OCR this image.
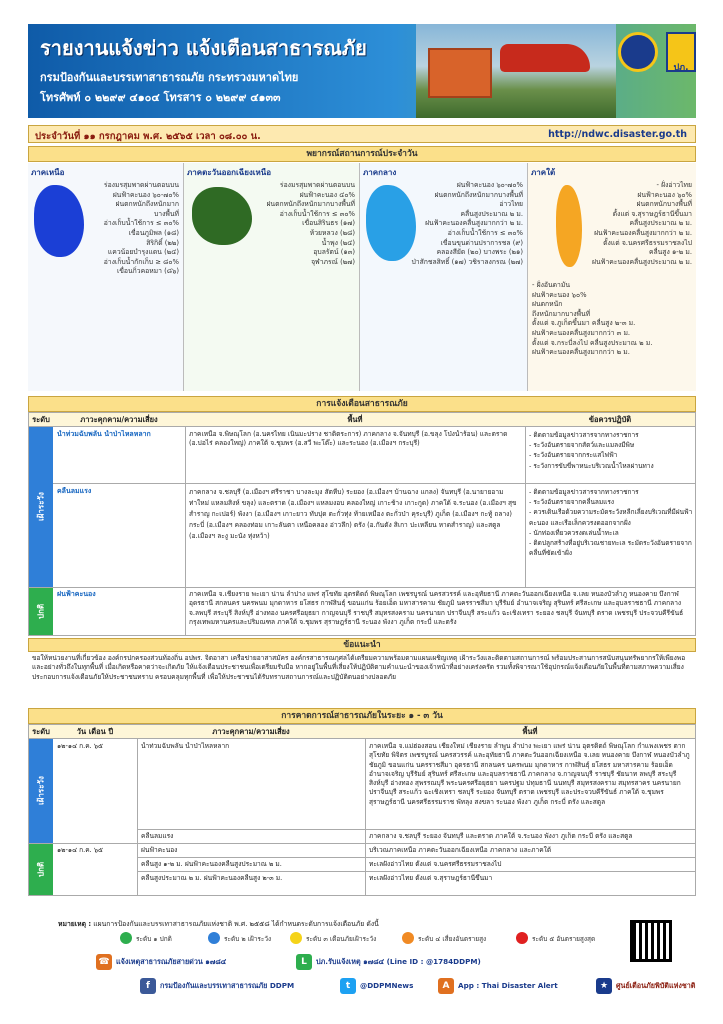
รายงานแจ้งข่าว แจ้งเตือนสาธารณภัย
กรมป้องกันและบรรเทาสาธารณภัย กระทรวงมหาดไทย
โทรศัพท์ ๐ ๒๒๙๙ ๔๑๐๔ โทรสาร ๐ ๒๒๙๙ ๔๑๓๓
ปภ.
ประจำวันที่ ๑๑ กรกฎาคม พ.ศ. ๒๕๖๕ เวลา ๐๘.๐๐ น.	http://ndwc.disaster.go.th
พยากรณ์สถานการณ์ประจำวัน
ภาคเหนือ
ร่องมรสุมพาดผ่านตอนบน
ฝนฟ้าคะนอง ๖๐-๗๐%
ฝนตกหนักถึงหนักมาก
บางพื้นที่
อ่างเก็บน้ำใช้การ ≤ ๓๐%
เขื่อนภูมิพล (๑๘)
สิริกิติ์ (๒๒)
แควน้อยบำรุงแดน (๒๔)
อ่างเก็บน้ำกักเก็บ ≥ ๘๐%
เขื่อนกิ่วคอหมา (๘๖)
ภาคตะวันออกเฉียงเหนือ
ร่องมรสุมพาดผ่านตอนบน
ฝนฟ้าคะนอง ๔๐%
ฝนตกหนักถึงหนักมากบางพื้นที่
อ่างเก็บน้ำใช้การ ≤ ๓๐%
เขื่อนสิรินธร (๑๗)
ห้วยหลวง (๒๘)
น้ำพุง (๒๔)
อุบลรัตน์ (๑๓)
จุฬาภรณ์ (๒๗)
ภาคกลาง
ฝนฟ้าคะนอง ๖๐-๗๐%
ฝนตกหนักถึงหนักมากบางพื้นที่
อ่าวไทย
คลื่นสูงประมาณ ๒ ม.
ฝนฟ้าคะนองคลื่นสูงมากกว่า ๒ ม.
อ่างเก็บน้ำใช้การ ≤ ๓๐%
เขื่อนขุนด่านปราการชล (๙)
คลองสียัด (๒๐) บางพระ (๒๑)
ป่าสักชลสิทธิ์ (๑๗) วชิราลงกรณ (๒๗)
ภาคใต้
- ฝั่งอ่าวไทย
ฝนฟ้าคะนอง ๖๐%
ฝนตกหนักบางพื้นที่
ตั้งแต่ จ.สุราษฎร์ธานีขึ้นมา
คลื่นสูงประมาณ ๒ ม.
ฝนฟ้าคะนองคลื่นสูงมากกว่า ๒ ม.
ตั้งแต่ จ.นครศรีธรรมราชลงไป
คลื่นสูง ๑-๒ ม.
ฝนฟ้าคะนองคลื่นสูงประมาณ ๒ ม.
- ฝั่งอันดามัน
ฝนฟ้าคะนอง ๖๐%
ฝนตกหนัก
ถึงหนักมากบางพื้นที่
ตั้งแต่ จ.ภูเก็ตขึ้นมา คลื่นสูง ๒-๓ ม.
ฝนฟ้าคะนองคลื่นสูงมากกว่า ๓ ม.
ตั้งแต่ จ.กระบี่ลงไป คลื่นสูงประมาณ ๒ ม.
ฝนฟ้าคะนองคลื่นสูงมากกว่า ๒ ม.
การแจ้งเตือนสาธารณภัย
ระดับ	ภาวะคุกคาม/ความเสี่ยง	พื้นที่	ข้อควรปฏิบัติ
เฝ้าระวัง
ปกติ
น้ำท่วมฉับพลัน น้ำป่าไหลหลาก	ภาคเหนือ จ.พิษณุโลก (อ.นครไทย เนินมะปราง ชาติตระการ) ภาคกลาง จ.จันทบุรี (อ.ขลุง โป่งน้ำร้อน) และตราด (อ.บ่อไร่ คลองใหญ่) ภาคใต้ จ.ชุมพร (อ.สวี พะโต๊ะ) และระนอง (อ.เมืองฯ กระบุรี)
- ติดตามข้อมูลข่าวสารจากทางราชการ
- ระวังอันตรายจากสัตว์และแมลงมีพิษ
- ระวังอันตรายจากกระแสไฟฟ้า
- ระวังการขับขี่พาหนะบริเวณน้ำไหลผ่านทาง
คลื่นลมแรง	ภาคกลาง จ.ชลบุรี (อ.เมืองฯ ศรีราชา บางละมุง สัตหีบ) ระยอง (อ.เมืองฯ บ้านฉาง แกลง) จันทบุรี (อ.นายายอาม ท่าใหม่ แหลมสิงห์ ขลุง) และตราด (อ.เมืองฯ แหลมงอบ คลองใหญ่ เกาะช้าง เกาะกูด) ภาคใต้ จ.ระนอง (อ.เมืองฯ สุขสำราญ กะเปอร์) พังงา (อ.เมืองฯ เกาะยาว ทับปุด ตะกั่วทุ่ง ท้ายเหมือง ตะกั่วป่า คุระบุรี) ภูเก็ต (อ.เมืองฯ กะทู้ ถลาง) กระบี่ (อ.เมืองฯ คลองท่อม เกาะลันตา เหนือคลอง อ่าวลึก) ตรัง (อ.กันตัง สิเกา ปะเหลียน หาดสำราญ) และสตูล (อ.เมืองฯ ละงู มะนัง ทุ่งหว้า)
- ติดตามข้อมูลข่าวสารจากทางราชการ
- ระวังอันตรายจากคลื่นลมแรง
- ควรเดินเรือด้วยความระมัดระวังหลีกเลี่ยงบริเวณที่มีฝนฟ้าคะนอง และเรือเล็กควรงดออกจากฝั่ง
- นักท่องเที่ยวควรงดเล่นน้ำทะเล
- ติดปลูกสร้างที่อยู่บริเวณชายทะเล ระมัดระวังอันตรายจากคลื่นที่ซัดเข้าฝั่ง
ฝนฟ้าคะนอง	ภาคเหนือ จ.เชียงราย พะเยา น่าน ลำปาง แพร่ สุโขทัย อุตรดิตถ์ พิษณุโลก เพชรบูรณ์ นครสวรรค์ และอุทัยธานี ภาคตะวันออกเฉียงเหนือ จ.เลย หนองบัวลำภู หนองคาย บึงกาฬ อุดรธานี สกลนคร นครพนม มุกดาหาร ยโสธร กาฬสินธุ์ ขอนแก่น ร้อยเอ็ด มหาสารคาม ชัยภูมิ นครราชสีมา บุรีรัมย์ อำนาจเจริญ สุรินทร์ ศรีสะเกษ และอุบลราชธานี ภาคกลาง จ.ลพบุรี สระบุรี สิงห์บุรี อ่างทอง นครศรีอยุธยา กาญจนบุรี ราชบุรี สมุทรสงคราม นครนายก ปราจีนบุรี สระแก้ว ฉะเชิงเทรา ระยอง ชลบุรี จันทบุรี ตราด เพชรบุรี ประจวบคีรีขันธ์ กรุงเทพมหานครและปริมณฑล ภาคใต้ จ.ชุมพร สุราษฎร์ธานี ระนอง พังงา ภูเก็ต กระบี่ และตรัง
ข้อแนะนำ
ขอให้หน่วยงานที่เกี่ยวข้อง องค์กรปกครองส่วนท้องถิ่น อปพร. จิตอาสา เครือข่ายอาสาสมัคร องค์กรสาธารณกุศลได้เตรียมความพร้อมตามแผนเผชิญเหตุ เฝ้าระวังและติดตามสถานการณ์ พร้อมประสานการสนับสนุนทรัพยากรให้เพียงพอและอย่างทั่วถึงในทุกพื้นที่ เมื่อเกิดหรือคาดว่าจะเกิดภัย ให้แจ้งเตือนประชาชนเพื่อเตรียมรับมือ หากอยู่ในพื้นที่เสี่ยงให้ปฏิบัติตามคำแนะนำของเจ้าหน้าที่อย่างเคร่งครัด รวมทั้งพิจารณาใช้อุปกรณ์แจ้งเตือนภัยในพื้นที่ตามสภาพความเสี่ยง ประกอบการแจ้งเตือนภัยให้ประชาชนทราบ ครอบคลุมทุกพื้นที่ เพื่อให้ประชาชนได้รับทราบสถานการณ์และปฏิบัติตนอย่างปลอดภัย
การคาดการณ์สาธารณภัยในระยะ ๑ - ๓ วัน
ระดับ	วัน เดือน ปี	ภาวะคุกคาม/ความเสี่ยง	พื้นที่
เฝ้าระวัง
ปกติ
๑๒-๑๔ ก.ค. ๖๕	น้ำท่วมฉับพลัน น้ำป่าไหลหลาก	ภาคเหนือ จ.แม่ฮ่องสอน เชียงใหม่ เชียงราย ลำพูน ลำปาง พะเยา แพร่ น่าน อุตรดิตถ์ พิษณุโลก กำแพงเพชร ตาก สุโขทัย พิจิตร เพชรบูรณ์ นครสวรรค์ และอุทัยธานี ภาคตะวันออกเฉียงเหนือ จ.เลย หนองคาย บึงกาฬ หนองบัวลำภู ชัยภูมิ ขอนแก่น นครราชสีมา อุดรธานี สกลนคร นครพนม มุกดาหาร กาฬสินธุ์ ยโสธร มหาสารคาม ร้อยเอ็ด อำนาจเจริญ บุรีรัมย์ สุรินทร์ ศรีสะเกษ และอุบลราชธานี ภาคกลาง จ.กาญจนบุรี ราชบุรี ชัยนาท ลพบุรี สระบุรี สิงห์บุรี อ่างทอง สุพรรณบุรี พระนครศรีอยุธยา นครปฐม ปทุมธานี นนทบุรี สมุทรสงคราม สมุทรสาคร นครนายก ปราจีนบุรี สระแก้ว ฉะเชิงเทรา ชลบุรี ระยอง จันทบุรี ตราด เพชรบุรี และประจวบคีรีขันธ์ ภาคใต้ จ.ชุมพร สุราษฎร์ธานี นครศรีธรรมราช พัทลุง สงขลา ระนอง พังงา ภูเก็ต กระบี่ ตรัง และสตูล
คลื่นลมแรง	ภาคกลาง จ.ชลบุรี ระยอง จันทบุรี และตราด ภาคใต้ จ.ระนอง พังงา ภูเก็ต กระบี่ ตรัง และสตูล
๑๒-๑๔ ก.ค. ๖๕	ฝนฟ้าคะนอง	บริเวณภาคเหนือ ภาคตะวันออกเฉียงเหนือ ภาคกลาง และภาคใต้
คลื่นสูง ๑-๒ ม. ฝนฟ้าคะนองคลื่นสูงประมาณ ๒ ม.	ทะเลฝั่งอ่าวไทย ตั้งแต่ จ.นครศรีธรรมราชลงไป
คลื่นสูงประมาณ ๒ ม. ฝนฟ้าคะนองคลื่นสูง ๒-๓ ม.	ทะเลฝั่งอ่าวไทย ตั้งแต่ จ.สุราษฎร์ธานีขึ้นมา
หมายเหตุ : แผนการป้องกันและบรรเทาสาธารณภัยแห่งชาติ พ.ศ. ๒๕๕๘ ได้กำหนดระดับการแจ้งเตือนภัย ดังนี้
ระดับ ๑ ปกติ	ระดับ ๒ เฝ้าระวัง	ระดับ ๓ เตือนภัยเฝ้าระวัง	ระดับ ๔ เสี่ยงอันตรายสูง	ระดับ ๕ อันตรายสูงสุด
☎ แจ้งเหตุสาธารณภัยสายด่วน ๑๗๘๔	L	ปภ.รับแจ้งเหตุ ๑๗๘๔ (Line ID : @1784DDPM)
f	กรมป้องกันและบรรเทาสาธารณภัย DDPM	t	@DDPMNews	A	App : Thai Disaster Alert	★	ศูนย์เตือนภัยพิบัติแห่งชาติ
